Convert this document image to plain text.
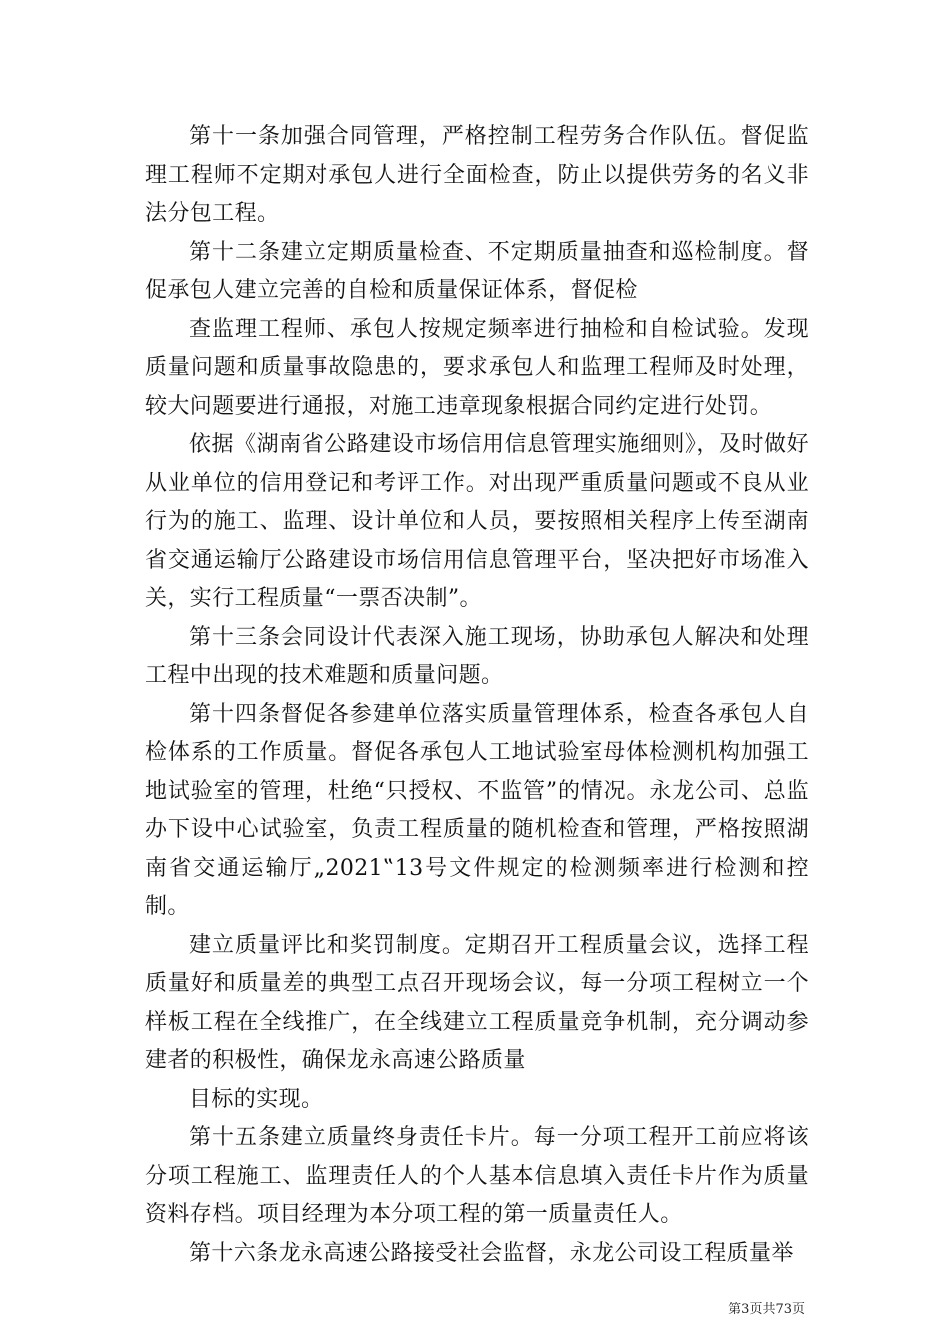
第十一条加强合同管理，严格控制工程劳务合作队伍。督促监理工程师不定期对承包人进行全面检查，防止以提供劳务的名义非法分包工程。

第十二条建立定期质量检查、不定期质量抽查和巡检制度。督促承包人建立完善的自检和质量保证体系，督促检

查监理工程师、承包人按规定频率进行抽检和自检试验。发现质量问题和质量事故隐患的，要求承包人和监理工程师及时处理，较大问题要进行通报，对施工违章现象根据合同约定进行处罚。

依据《湖南省公路建设市场信用信息管理实施细则》，及时做好从业单位的信用登记和考评工作。对出现严重质量问题或不良从业行为的施工、监理、设计单位和人员，要按照相关程序上传至湖南省交通运输厅公路建设市场信用信息管理平台，坚决把好市场准入关，实行工程质量“一票否决制”。

第十三条会同设计代表深入施工现场，协助承包人解决和处理工程中出现的技术难题和质量问题。

第十四条督促各参建单位落实质量管理体系，检查各承包人自检体系的工作质量。督促各承包人工地试验室母体检测机构加强工地试验室的管理，杜绝“只授权、不监管”的情况。永龙公司、总监办下设中心试验室，负责工程质量的随机检查和管理，严格按照湖南省交通运输厅„2021‟13号文件规定的检测频率进行检测和控制。

建立质量评比和奖罚制度。定期召开工程质量会议，选择工程质量好和质量差的典型工点召开现场会议，每一分项工程树立一个样板工程在全线推广，在全线建立工程质量竞争机制，充分调动参建者的积极性，确保龙永高速公路质量

目标的实现。

第十五条建立质量终身责任卡片。每一分项工程开工前应将该分项工程施工、监理责任人的个人基本信息填入责任卡片作为质量资料存档。项目经理为本分项工程的第一质量责任人。

第十六条龙永高速公路接受社会监督，永龙公司设工程质量举

第3页共73页
